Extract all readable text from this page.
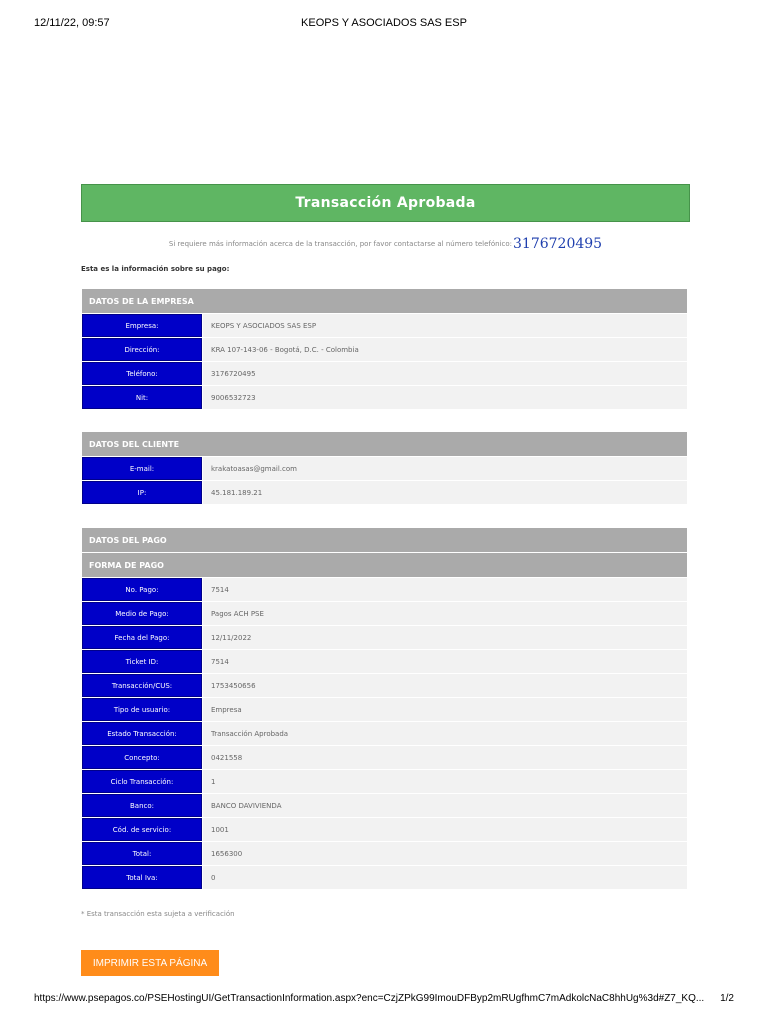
12/11/22, 09:57	KEOPS Y ASOCIADOS SAS ESP
Transacción Aprobada
Si requiere más información acerca de la transacción, por favor contactarse al número telefónico:3176720495
Esta es la información sobre su pago:
DATOS DE LA EMPRESA
Empresa:	KEOPS Y ASOCIADOS SAS ESP
Dirección:	KRA 107-143-06 - Bogotá, D.C. - Colombia
Teléfono:	3176720495
Nit:	9006532723
DATOS DEL CLIENTE
E-mail:	krakatoasas@gmail.com
IP:	45.181.189.21
DATOS DEL PAGO
FORMA DE PAGO
No. Pago:	7514
Medio de Pago:	Pagos ACH PSE
Fecha del Pago:	12/11/2022
Ticket ID:	7514
Transacción/CUS:	1753450656
Tipo de usuario:	Empresa
Estado Transacción:	Transacción Aprobada
Concepto:	0421558
Ciclo Transacción:	1
Banco:	BANCO DAVIVIENDA
Cód. de servicio:	1001
Total:	1656300
Total Iva:	0
* Esta transacción esta sujeta a verificación
IMPRIMIR ESTA PÁGINA
https://www.psepagos.co/PSEHostingUI/GetTransactionInformation.aspx?enc=CzjZPkG99ImouDFByp2mRUgfhmC7mAdkolcNaC8hhUg%3d#Z7_KQ... 1/2
